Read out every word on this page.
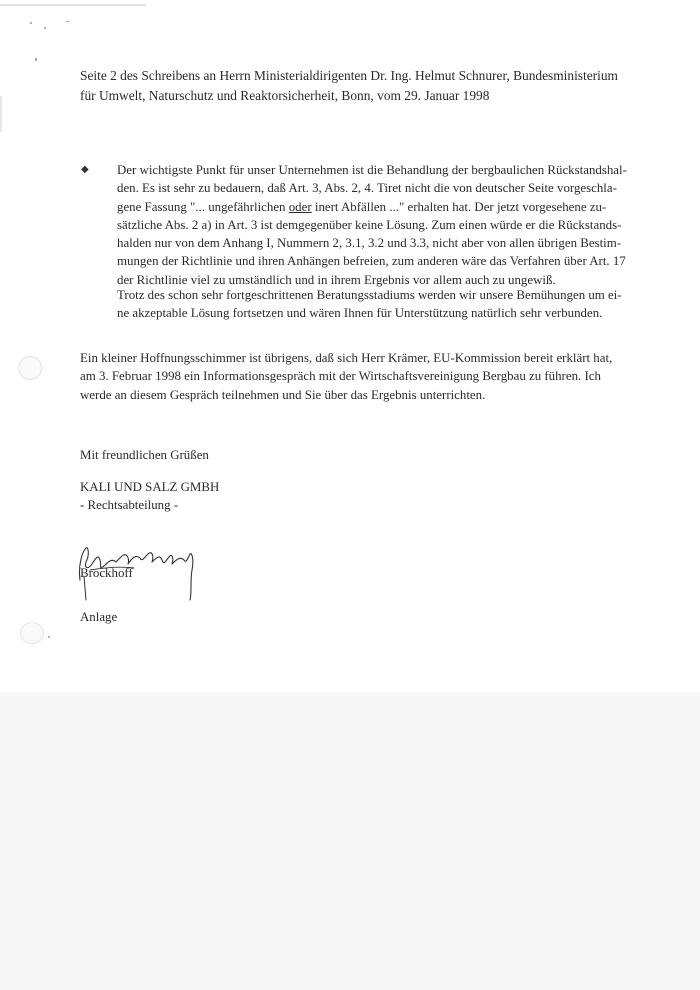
Seite 2 des Schreibens an Herrn Ministerialdirigenten Dr. Ing. Helmut Schnurer, Bundesministerium

für Umwelt, Naturschutz und Reaktorsicherheit, Bonn, vom 29. Januar 1998

◆ Der wichtigste Punkt für unser Unternehmen ist die Behandlung der bergbaulichen Rückstandshal-
den. Es ist sehr zu bedauern, daß Art. 3, Abs. 2, 4. Tiret nicht die von deutscher Seite vorgeschla-
gene Fassung "... ungefährlichen oder inert Abfällen ..." erhalten hat. Der jetzt vorgesehene zu-
sätzliche Abs. 2 a) in Art. 3 ist demgegenüber keine Lösung. Zum einen würde er die Rückstands-
halden nur von dem Anhang I, Nummern 2, 3.1, 3.2 und 3.3, nicht aber von allen übrigen Bestim-
mungen der Richtlinie und ihren Anhängen befreien, zum anderen wäre das Verfahren über Art. 17
der Richtlinie viel zu umständlich und in ihrem Ergebnis vor allem auch zu ungewiß.
Trotz des schon sehr fortgeschrittenen Beratungsstadiums werden wir unsere Bemühungen um ei-
ne akzeptable Lösung fortsetzen und wären Ihnen für Unterstützung natürlich sehr verbunden.
Ein kleiner Hoffnungsschimmer ist übrigens, daß sich Herr Krämer, EU-Kommission bereit erklärt hat,
am 3. Februar 1998 ein Informationsgespräch mit der Wirtschaftsvereinigung Bergbau zu führen. Ich
werde an diesem Gespräch teilnehmen und Sie über das Ergebnis unterrichten.
Mit freundlichen Grüßen
KALI UND SALZ GMBH
- Rechtsabteilung -
Brockhoff
Anlage
